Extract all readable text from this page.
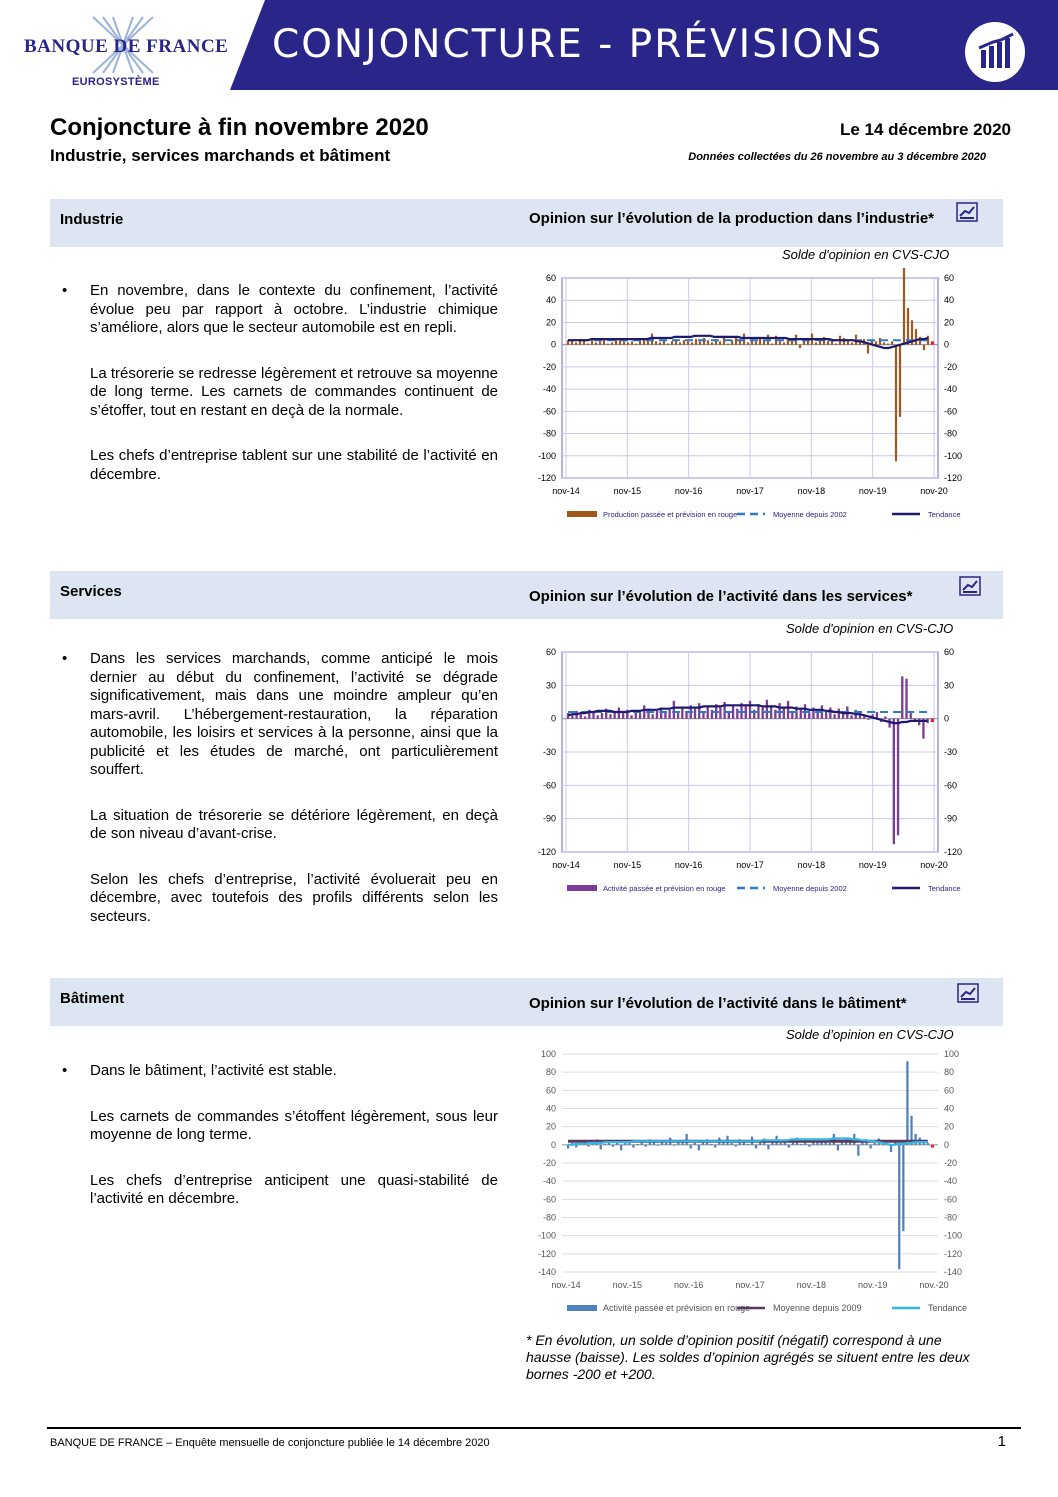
BANQUE DE FRANCE
EUROSYSTÈME
CONJONCTURE - PRÉVISIONS
Conjoncture à fin novembre 2020
Industrie, services marchands et bâtiment
Le 14 décembre 2020
Données collectées du 26 novembre au 3 décembre 2020
Industrie	Opinion sur l’évolution de la production dans l’industrie*
Solde d'opinion en CVS-CJO
• En novembre, dans le contexte du confinement, l’activité évolue peu par rapport à octobre. L’industrie chimique s’améliore, alors que le secteur automobile est en repli.

La trésorerie se redresse légèrement et retrouve sa moyenne de long terme. Les carnets de commandes continuent de s’étoffer, tout en restant en deçà de la normale.

Les chefs d’entreprise tablent sur une stabilité de l’activité en décembre.

60	60
40	40
20	20
0	0
-20	-20
-40	-40
-60	-60
-80	-80
-100	-100
-120	-120
nov-14	nov-15	nov-16	nov-17	nov-18	nov-19	nov-20
Production passée et prévision en rouge	Moyenne depuis 2002	Tendance
Services	Opinion sur l’évolution de l’activité dans les services*
Solde d'opinion en CVS-CJO
• Dans les services marchands, comme anticipé le mois dernier au début du confinement, l’activité se dégrade significativement, mais dans une moindre ampleur qu’en mars-avril. L’hébergement-restauration, la réparation automobile, les loisirs et services à la personne, ainsi que la publicité et les études de marché, ont particulièrement souffert.

La situation de trésorerie se détériore légèrement, en deçà de son niveau d’avant-crise.

Selon les chefs d’entreprise, l’activité évoluerait peu en décembre, avec toutefois des profils différents selon les secteurs.

60	60
30	30
0	0
-30	-30
-60	-60
-90	-90
-120	-120
nov-14	nov-15	nov-16	nov-17	nov-18	nov-19	nov-20
Activité passée et prévision en rouge	Moyenne depuis 2002	Tendance
Bâtiment	Opinion sur l’évolution de l’activité dans le bâtiment*
Solde d’opinion en CVS-CJO
• Dans le bâtiment, l’activité est stable.

Les carnets de commandes s’étoffent légèrement, sous leur moyenne de long terme.

Les chefs d’entreprise anticipent une quasi-stabilité de l’activité en décembre.

100	100
80	80
60	60
40	40
20	20
0	0
-20	-20
-40	-40
-60	-60
-80	-80
-100	-100
-120	-120
-140	-140
nov.-14	nov.-15	nov.-16	nov.-17	nov.-18	nov.-19	nov.-20
Activité passée et prévision en rouge	Moyenne depuis 2009	Tendance
* En évolution, un solde d’opinion positif (négatif) correspond à une hausse (baisse). Les soldes d’opinion agrégés se situent entre les deux bornes -200 et +200.
BANQUE DE FRANCE – Enquête mensuelle de conjoncture publiée le 14 décembre 2020	1
